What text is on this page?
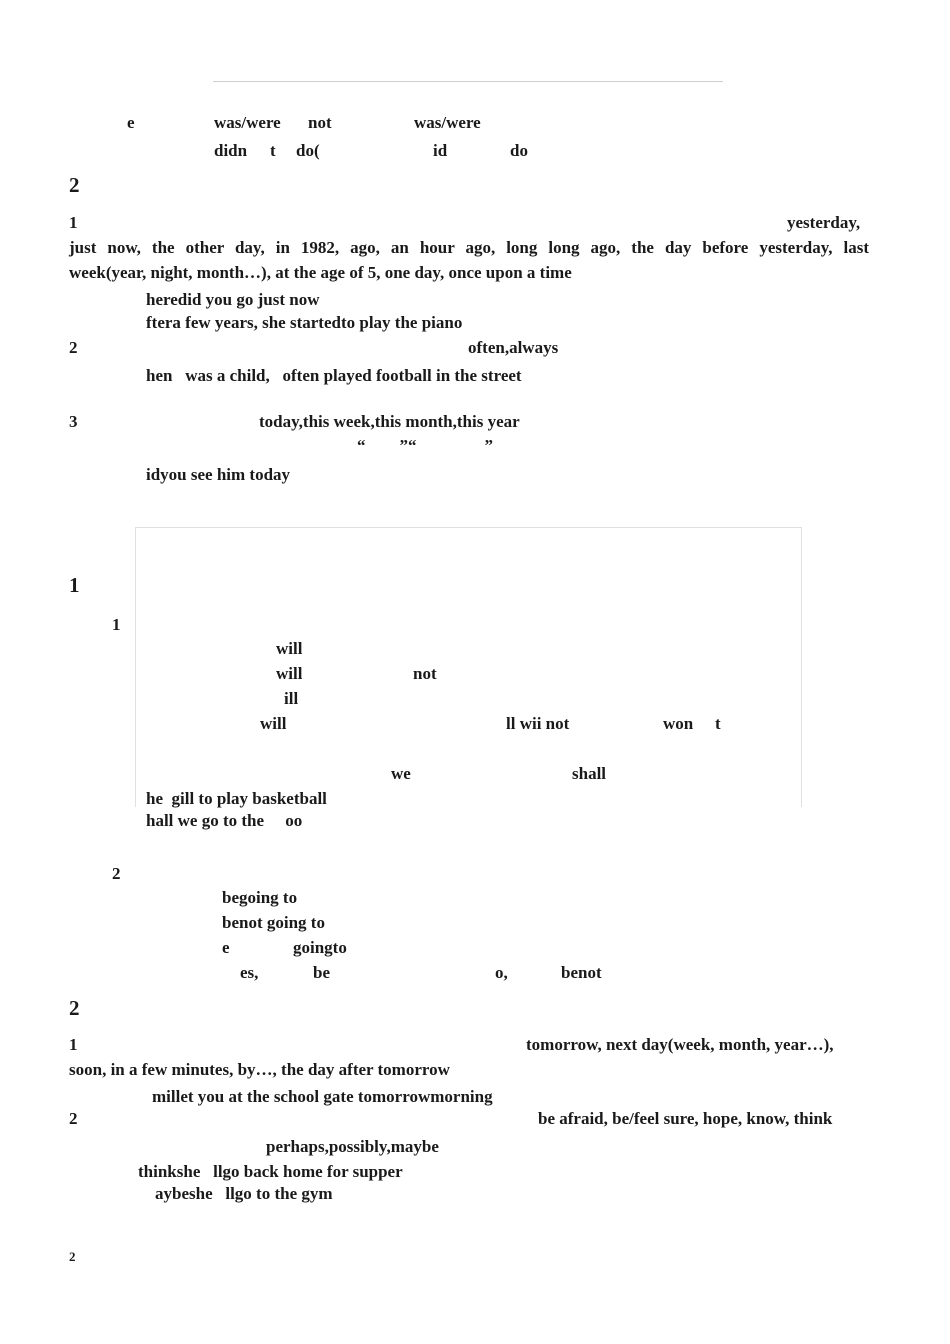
e	was/were not	was/were
didn t do(	id	do
2
1	yesterday,
just now, the other day, in 1982, ago, an hour ago, long long ago, the day before yesterday, last
week(year, night, month…), at the age of 5, one day, once upon a time
heredid you go just now
ftera few years, she startedto play the piano
2	often,always
hen   was a child,   often played football in the street
3	today,this week,this month,this year
“        ”“                ”
idyou see him today
1
1
will
will	not
ill
will	ll wii not	won t
we	shall
he  gill to play basketball
hall we go to the     oo
2
begoing to
benot going to
e	goingto
es,	be	o,	benot
2
1	tomorrow, next day(week, month, year…),
soon, in a few minutes, by…, the day after tomorrow
millet you at the school gate tomorrowmorning
2	be afraid, be/feel sure, hope, know, think
perhaps,possibly,maybe
thinkshe   llgo back home for supper
aybeshe   llgo to the gym
2
